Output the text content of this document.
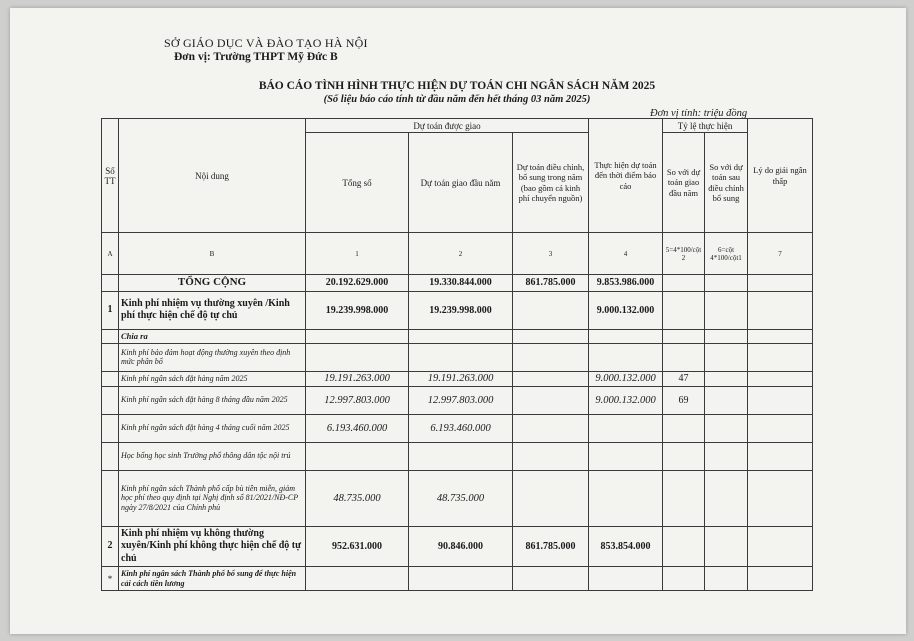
SỞ GIÁO DỤC VÀ ĐÀO TẠO HÀ NỘI
Đơn vị: Trường THPT Mỹ Đức B
BÁO CÁO TÌNH HÌNH THỰC HIỆN DỰ TOÁN CHI NGÂN SÁCH NĂM 2025
(Số liệu báo cáo tính từ đầu năm đến hết tháng 03 năm 2025)
Đơn vị tính: triệu đồng
Số TT	Nội dung	Dự toán được giao			Thực hiện dự toán đến thời điểm báo cáo	Tỷ lệ thực hiện		Lý do giải ngân thấp
		Tổng số	Dự toán giao đầu năm	Dự toán điều chỉnh, bổ sung trong năm (bao gồm cả kinh phí chuyển nguồn)		So với dự toán giao đầu năm	So với dự toán sau điều chỉnh bổ sung	
A	B	1	2	3	4	5=4*100/cột 2	6=cột 4*100/cột1	7
	TỔNG CỘNG	20.192.629.000	19.330.844.000	861.785.000	9.853.986.000			
1	Kinh phí nhiệm vụ thường xuyên /Kinh phí thực hiện chế độ tự chủ	19.239.998.000	19.239.998.000		9.000.132.000			
	Chia ra							
	Kinh phí bảo đảm hoạt động thường xuyên theo định mức phân bổ							
	Kinh phí ngân sách đặt hàng năm 2025	19.191.263.000	19.191.263.000		9.000.132.000	47		
	Kinh phí ngân sách đặt hàng 8 tháng đầu năm 2025	12.997.803.000	12.997.803.000		9.000.132.000	69		
	Kinh phí ngân sách đặt hàng 4 tháng cuối năm 2025	6.193.460.000	6.193.460.000					
	Học bổng học sinh Trường phổ thông dân tộc nội trú							
	Kinh phí ngân sách Thành phố cấp bù tiền miễn, giảm học phí theo quy định tại Nghị định số 81/2021/NĐ-CP ngày 27/8/2021 của Chính phủ	48.735.000	48.735.000					
2	Kinh phí nhiệm vụ không thường xuyên/Kinh phí không thực hiện chế độ tự chủ	952.631.000	90.846.000	861.785.000	853.854.000			
*	Kinh phí ngân sách Thành phố bổ sung để thực hiện cải cách tiền lương							
